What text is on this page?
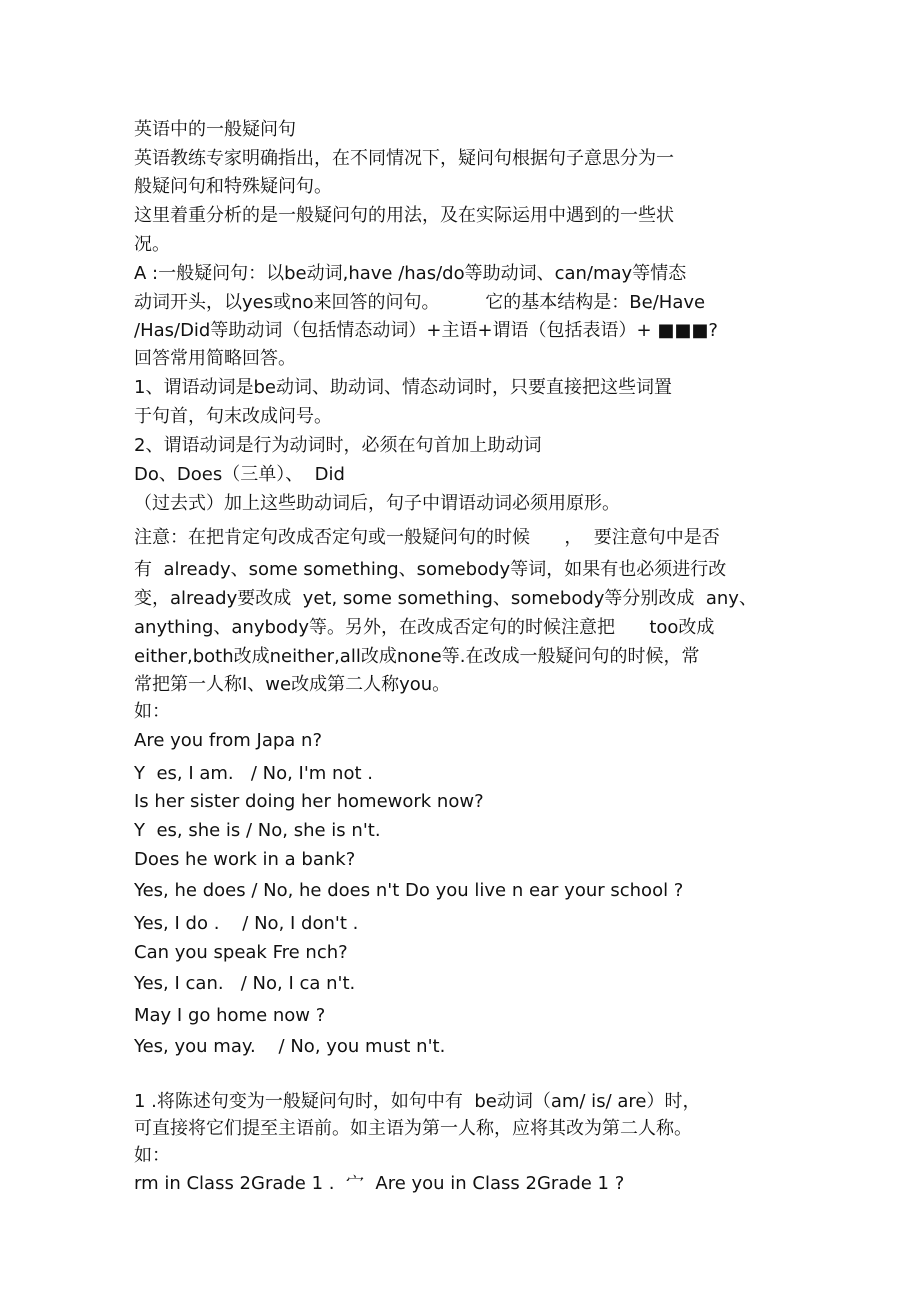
英语中的一般疑问句

英语教练专家明确指出，在不同情况下，疑问句根据句子意思分为一

般疑问句和特殊疑问句。

这里着重分析的是一般疑问句的用法，及在实际运用中遇到的一些状

况。

A :一般疑问句：以be动词,have /has/do等助动词、can/may等情态

动词开头，以yes或no来回答的问句。        它的基本结构是：Be/Have

/Has/Did等助动词（包括情态动词）+主语+谓语（包括表语）+ ■■■?

回答常用简略回答。

1、谓语动词是be动词、助动词、情态动词时，只要直接把这些词置

于句首，句末改成问号。

2、谓语动词是行为动词时，必须在句首加上助动词

Do、Does（三单）、  Did

（过去式）加上这些助动词后，句子中谓语动词必须用原形。

注意：在把肯定句改成否定句或一般疑问句的时候      ，  要注意句中是否

有  already、some something、somebody等词，如果有也必须进行改

变，already要改成  yet, some something、somebody等分别改成  any、

anything、anybody等。另外，在改成否定句的时候注意把      too改成

either,both改成neither,all改成none等.在改成一般疑问句的时候，常

常把第一人称I、we改成第二人称you。

如：

Are you from Japa n?

Y  es, I am.   / No, I'm not .

Is her sister doing her homework now?

Y  es, she is / No, she is n't.

Does he work in a bank?

Yes, he does / No, he does n't Do you live n ear your school ?

Yes, I do .    / No, I don't .

Can you speak Fre nch?

Yes, I can.   / No, I ca n't.

May I go home now ?

Yes, you may.    / No, you must n't.

1 .将陈述句变为一般疑问句时，如句中有  be动词（am/ is/ are）时，

可直接将它们提至主语前。如主语为第一人称，应将其改为第二人称。

如：

rm in Class 2Grade 1 .  宀  Are you in Class 2Grade 1 ?
